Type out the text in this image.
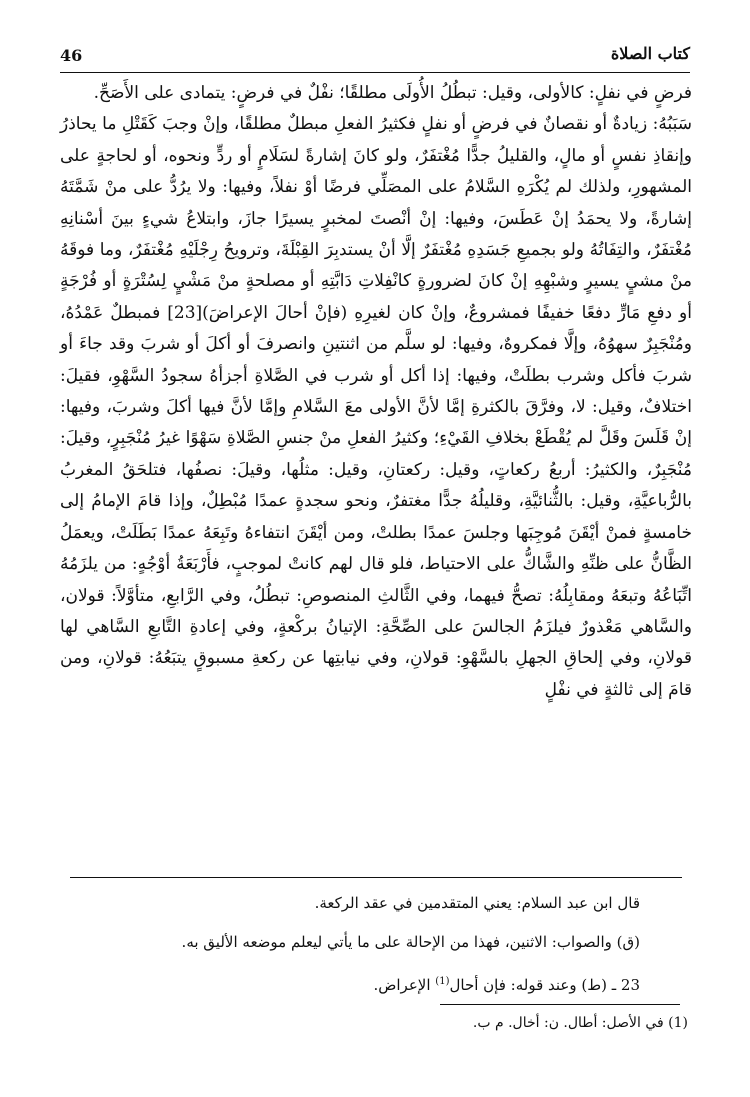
46	كتاب الصلاة

فرضٍ في نفلٍ: كالأولى، وقيل: تبطُلُ الأُولَى مطلقًا؛ نفْلٌ في فرضٍ: يتمادى على الأَصَحِّ.

سَبَبُهُ: زيادةٌ أو نقصانٌ في فرضٍ أو نفلٍ فكثيرُ الفعلِ مبطلٌ مطلقًا، وإنْ وجبَ كَقَتْلِ ما يحاذرُ وإنقاذِ نفسٍ أو مالٍ، والقليلُ جدًّا مُغْتفَرٌ، ولو كانَ إشارةً لسَلَامٍ أو ردٍّ ونحوه، أو لحاجةٍ على المشهورِ، ولذلك لم يُكْرَهِ السَّلامُ على المصَلِّي فرضًا أوْ نفلاً، وفيها: ولا يرُدُّ على منْ شَمَّتَهُ إشارةً، ولا يحمَدُ إنْ عَطَسَ، وفيها: إنْ أنْصتَ لمخبرٍ يسيرًا جازَ، وابتلاعُ شيءٍ بينَ أسْنانِهِ مُغْتفَرٌ، والتِفَاتُهُ ولو بجميعِ جَسَدِهِ مُغْتفَرٌ إلَّا أنْ يستدبِرَ القِبْلَةَ، وترويحُ رِجْلَيْهِ مُغْتفَرٌ، وما فوقَهُ منْ مشيٍ يسيرٍ وشبْهِهِ إنْ كانَ لضرورةٍ كانْفِلاتِ دَابَّتِهِ أو مصلحةٍ منْ مَشْيٍ لِسُتْرَةٍ أو فُرْجَةٍ أو دفعِ مَارٍّ دفعًا خفيفًا فمشروعٌ، وإنْ كان لغيرِهِ (فإنْ أحالَ الإعراضَ)[23] فمبطلٌ عَمْدُهُ، ومُنْجَبِرٌ سهوُهُ، وإلَّا فمكروهٌ، وفيها: لو سلَّم من اثنتينِ وانصرفَ أو أكلَ أو شربَ وقد جاءَ أو شربَ فأكل وشرب بطلَتْ، وفيها: إذا أكل أو شرب في الصَّلاةِ أجزأهُ سجودُ السَّهْوِ، فقيلَ: اختلافٌ، وقيل: لا، وفرَّقَ بالكثرةِ إمَّا لأنَّ الأولى معَ السَّلامِ وإمَّا لأنَّ فيها أكلَ وشربَ، وفيها: إنْ قَلَسَ وقَلَّ لم يُقْطَعْ بخلافِ القَيْءِ؛ وكثيرُ الفعلِ منْ جنسِ الصَّلاةِ سَهْوًا غيرُ مُنْجَبِرٍ، وقيلَ: مُنْجَبِرٌ، والكثيرُ: أربعُ ركعاتٍ، وقيل: ركعتانِ، وقيل: مثلُها، وقيلَ: نصفُها، فتلحَقُ المغربُ بالرُّباعيَّةِ، وقيل: بالثُّنائيَّةِ، وقليلُهُ جدًّا مغتفرٌ، ونحو سجدةٍ عمدًا مُبْطِلٌ، وإذا قامَ الإمامُ إلى خامسةٍ فمنْ أيْقَنَ مُوجِبَها وجلسَ عمدًا بطلتْ، ومن أيْقَنَ انتفاءهُ وتَبِعَهُ عمدًا بَطَلَتْ، ويعمَلُ الظَّانُّ على ظنِّهِ والشَّاكُّ على الاحتياط، فلو قال لهم كانتْ لموجبٍ، فأَرْبَعَةُ أوْجُهٍ: من يلزَمُهُ اتِّبَاعُهُ وتبعَهُ ومقابِلُهُ: تصحُّ فيهما، وفي الثَّالثِ المنصوصِ: تبطُلُ، وفي الرَّابعِ، متأوَّلاً: قولان، والسَّاهي مَعْذورٌ فيلزَمُ الجالسَ على الصِّحَّةِ: الإتيانُ بركْعةٍ، وفي إعادةِ التَّابعِ السَّاهي لها قولانِ، وفي إلحاقِ الجهلِ بالسَّهْوِ: قولانِ، وفي نيابتِها عن ركعةِ مسبوقٍ يتبَعُهُ: قولانِ، ومن قامَ إلى ثالثةٍ في نفْلٍ

قال ابن عبد السلام: يعني المتقدمين في عقد الركعة.
(ق) والصواب: الاثنين، فهذا من الإحالة على ما يأتي ليعلم موضعه الأليق به.
23 ـ (ط) وعند قوله: فإن أحال$^{(1)}$ الإعراض.
(1) في الأصل: أطال. ن: أخال. م ب.
